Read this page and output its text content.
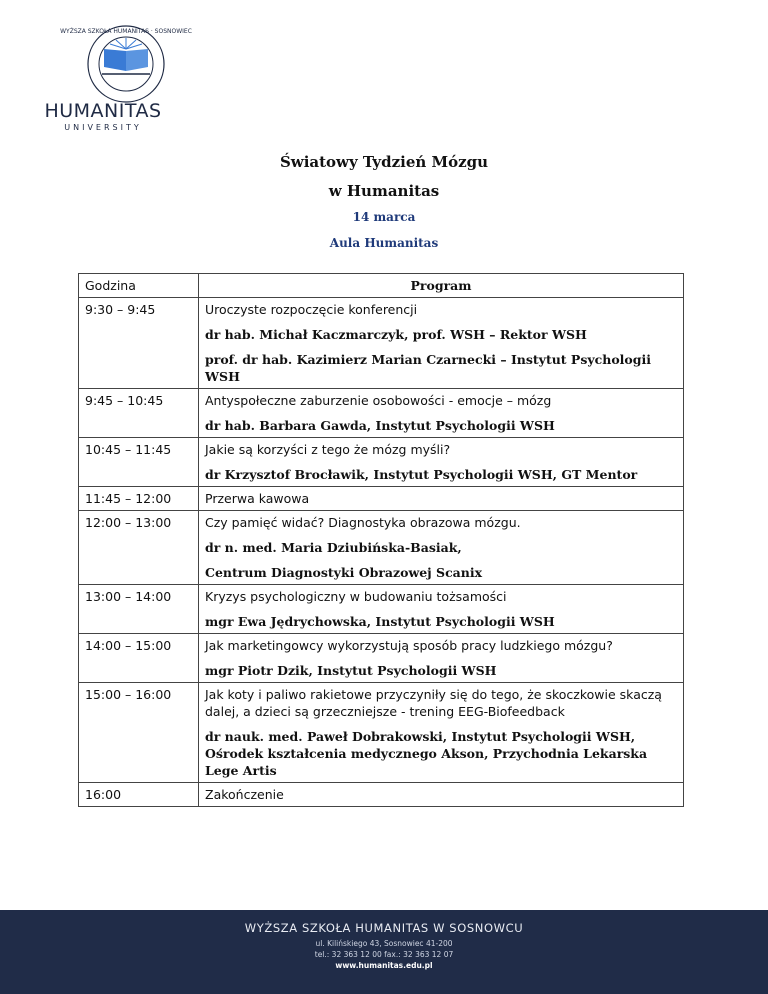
WYŻSZA SZKOŁA HUMANITAS · SOSNOWIEC
HUMANITAS
UNIVERSITY
Światowy Tydzień Mózgu
w Humanitas
14 marca
Aula Humanitas
Godzina	Program
9:30 – 9:45	Uroczyste rozpoczęcie konferencji
dr hab. Michał Kaczmarczyk, prof. WSH – Rektor WSH
prof. dr hab. Kazimierz Marian Czarnecki – Instytut Psychologii WSH

9:45 – 10:45	Antyspołeczne zaburzenie osobowości - emocje – mózg
dr hab. Barbara Gawda, Instytut Psychologii WSH

10:45 – 11:45	Jakie są korzyści z tego że mózg myśli?
dr Krzysztof Brocławik, Instytut Psychologii WSH, GT Mentor

11:45 – 12:00	Przerwa kawowa

12:00 – 13:00	Czy pamięć widać? Diagnostyka obrazowa mózgu.
dr n. med. Maria Dziubińska-Basiak,
Centrum Diagnostyki Obrazowej Scanix

13:00 – 14:00	Kryzys psychologiczny w budowaniu tożsamości
mgr Ewa Jędrychowska, Instytut Psychologii WSH

14:00 – 15:00	Jak marketingowcy wykorzystują sposób pracy ludzkiego mózgu?
mgr Piotr Dzik, Instytut Psychologii WSH

15:00 – 16:00	Jak koty i paliwo rakietowe przyczyniły się do tego, że skoczkowie skaczą dalej, a dzieci są grzeczniejsze - trening EEG-Biofeedback
dr nauk. med. Paweł Dobrakowski, Instytut Psychologii WSH, Ośrodek kształcenia medycznego Akson, Przychodnia Lekarska Lege Artis

16:00	Zakończenie
WYŻSZA SZKOŁA HUMANITAS W SOSNOWCU
ul. Kilińskiego 43, Sosnowiec 41-200
tel.: 32 363 12 00 fax.: 32 363 12 07
www.humanitas.edu.pl
